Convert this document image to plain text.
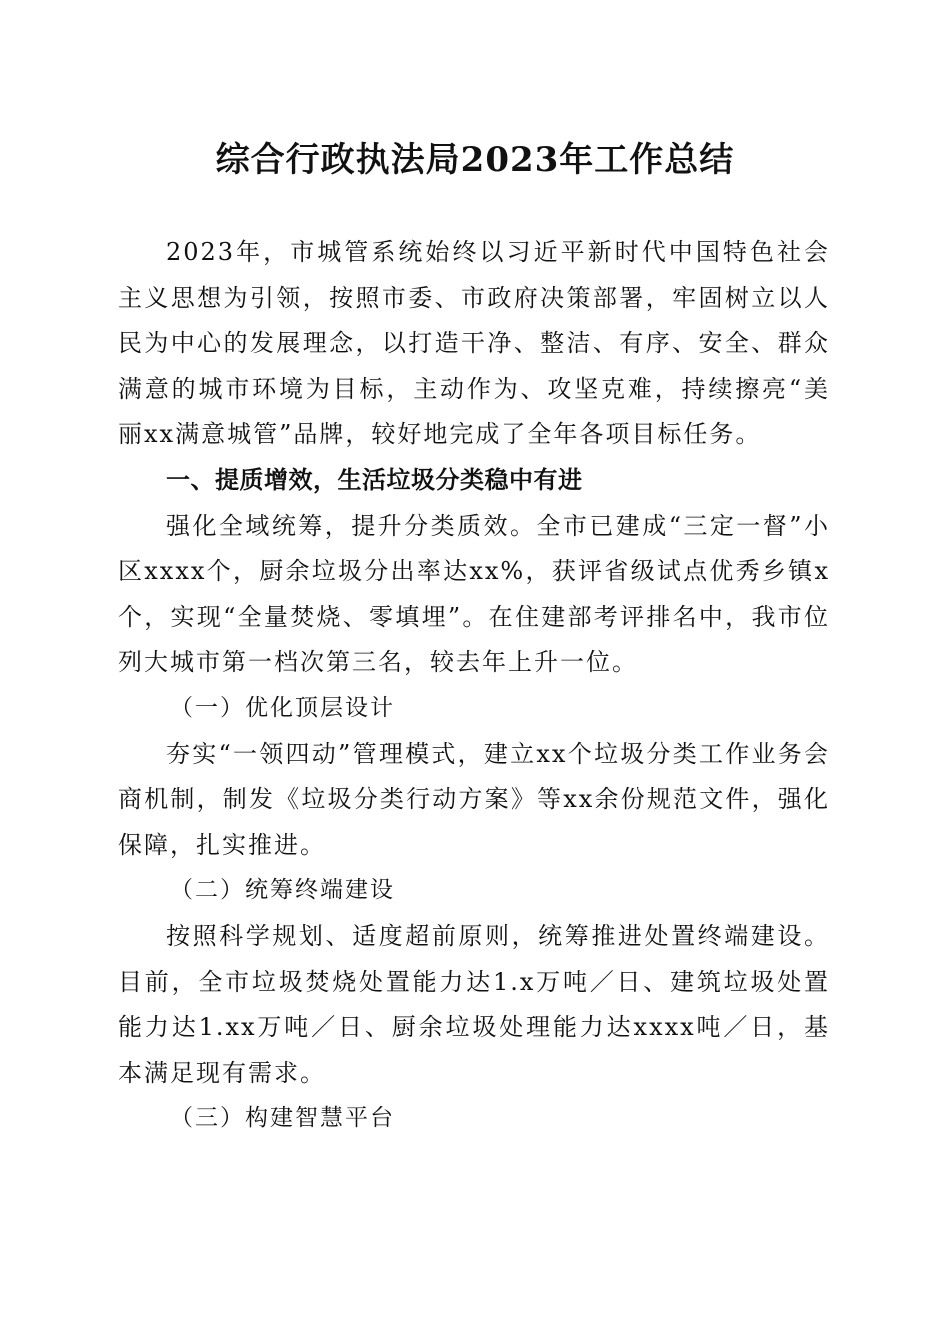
综合行政执法局2023年工作总结

2023年，市城管系统始终以习近平新时代中国特色社会主义思想为引领，按照市委、市政府决策部署，牢固树立以人民为中心的发展理念，以打造干净、整洁、有序、安全、群众满意的城市环境为目标，主动作为、攻坚克难，持续擦亮“美丽xx满意城管”品牌，较好地完成了全年各项目标任务。

一、提质增效，生活垃圾分类稳中有进

强化全域统筹，提升分类质效。全市已建成“三定一督”小区xxxx个，厨余垃圾分出率达xx%，获评省级试点优秀乡镇x个，实现“全量焚烧、零填埋”。在住建部考评排名中，我市位列大城市第一档次第三名，较去年上升一位。

（一）优化顶层设计

夯实“一领四动”管理模式，建立xx个垃圾分类工作业务会商机制，制发《垃圾分类行动方案》等xx余份规范文件，强化保障，扎实推进。

（二）统筹终端建设

按照科学规划、适度超前原则，统筹推进处置终端建设。目前，全市垃圾焚烧处置能力达1.x万吨／日、建筑垃圾处置能力达1.xx万吨／日、厨余垃圾处理能力达xxxx吨／日，基本满足现有需求。

（三）构建智慧平台
